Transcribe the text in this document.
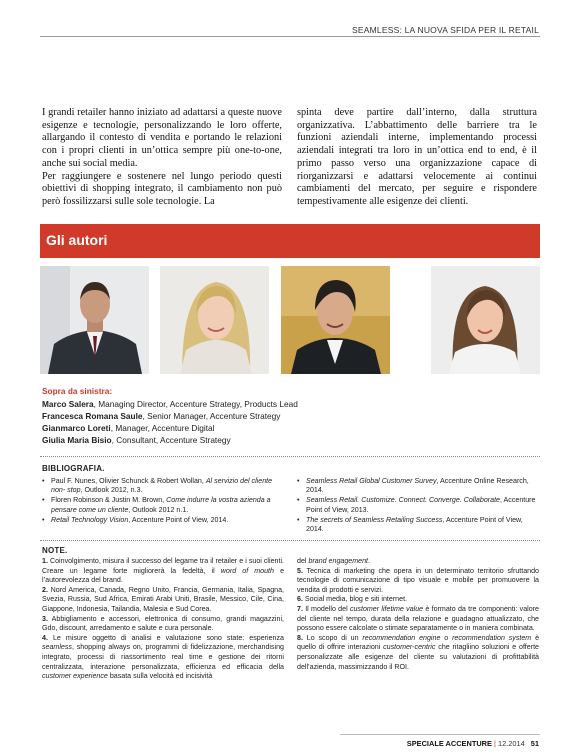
SEAMLESS: LA NUOVA SFIDA PER IL RETAIL

I grandi retailer hanno iniziato ad adattarsi a queste nuove esigenze e tecnologie, personalizzando le loro offerte, allargando il contesto di vendita e portando le relazioni con i propri clienti in un’ottica sempre più one-to-one, anche sui social media.

Per raggiungere e sostenere nel lungo periodo questi obiettivi di shopping integrato, il cambiamento non può però fossilizzarsi sulle sole tecnologie. La

spinta deve partire dall’interno, dalla struttura organizzativa. L’abbattimento delle barriere tra le funzioni aziendali interne, implementando processi aziendali integrati tra loro in un’ottica end to end, è il primo passo verso una organizzazione capace di riorganizzarsi e adattarsi velocemente ai continui cambiamenti del mercato, per seguire e rispondere tempestivamente alle esigenze dei clienti.

Gli autori
Sopra da sinistra:
Marco Salera, Managing Director, Accenture Strategy, Products Lead
Francesca Romana Saule, Senior Manager, Accenture Strategy
Gianmarco Loreti, Manager, Accenture Digital
Giulia Maria Bisio, Consultant, Accenture Strategy
BIBLIOGRAFIA.
• Paul F. Nunes, Olivier Schunck & Robert Wollan, Al servizio del cliente non- stop, Outlook 2012, n.3.
• Floren Robinson & Justin M. Brown, Come indurre la vostra azienda a pensare come un cliente, Outlook 2012 n.1.
• Retail Technology Vision, Accenture Point of View, 2014.
• Seamless Retail Global Customer Survey, Accenture Online Research, 2014.
• Seamless Retail. Customize. Connect. Converge. Collaborate, Accenture Point of View, 2013.
• The secrets of Seamless Retailing Success, Accenture Point of View, 2014.
NOTE.

1. Coinvolgimento, misura il successo del legame tra il retailer e i suoi clienti. Creare un legame forte migliorerà la fedeltà, il word of mouth e l’autorevolezza del brand.

2. Nord America, Canada, Regno Unito, Francia, Germania, Italia, Spagna, Svezia, Russia, Sud Africa, Emirati Arabi Uniti, Brasile, Messico, Cile, Cina, Giappone, Indonesia, Tailandia, Malesia e Sud Corea.

3. Abbigliamento e accessori, elettronica di consumo, grandi magazzini, Gdo, discount, arredamento e salute e cura personale.

4. Le misure oggetto di analisi e valutazione sono state: esperienza seamless, shopping always on, programmi di fidelizzazione, merchandising integrato, processi di riassortimento real time e gestione dei ritorni centralizzata, interazione personalizzata, efficienza ed efficacia della customer experience basata sulla velocità ed incisività

del brand engagement.

5. Tecnica di marketing che opera in un determinato territorio sfruttando tecnologie di comunicazione di tipo visuale e mobile per promuovere la vendita di prodotti e servizi.

6. Social media, blog e siti internet.

7. Il modello del customer lifetime value è formato da tre componenti: valore del cliente nel tempo, durata della relazione e guadagno attualizzato, che possono essere calcolate o stimate separatamente o in maniera combinata.

8. Lo scopo di un recommendation engine o recommendation system è quello di offrire interazioni customer-centric che ritagliino soluzioni e offerte personalizzate alle esigenze del cliente su valutazioni di profittabilità dell’azienda, massimizzando il ROI.

SPECIALE ACCENTURE | 12.2014 51
